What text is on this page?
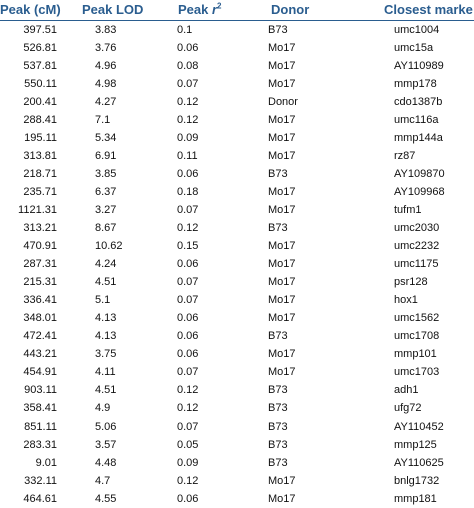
Peak (cM)	Peak LOD	Peak $r^2$	Donor	Closest marke
397.51	3.83	0.1	B73	umc1004
526.81	3.76	0.06	Mo17	umc15a
537.81	4.96	0.08	Mo17	AY110989
550.11	4.98	0.07	Mo17	mmp178
200.41	4.27	0.12	Donor	cdo1387b
288.41	7.1	0.12	Mo17	umc116a
195.11	5.34	0.09	Mo17	mmp144a
313.81	6.91	0.11	Mo17	rz87
218.71	3.85	0.06	B73	AY109870
235.71	6.37	0.18	Mo17	AY109968
1121.31	3.27	0.07	Mo17	tufm1
313.21	8.67	0.12	B73	umc2030
470.91	10.62	0.15	Mo17	umc2232
287.31	4.24	0.06	Mo17	umc1175
215.31	4.51	0.07	Mo17	psr128
336.41	5.1	0.07	Mo17	hox1
348.01	4.13	0.06	Mo17	umc1562
472.41	4.13	0.06	B73	umc1708
443.21	3.75	0.06	Mo17	mmp101
454.91	4.11	0.07	Mo17	umc1703
903.11	4.51	0.12	B73	adh1
358.41	4.9	0.12	B73	ufg72
851.11	5.06	0.07	B73	AY110452
283.31	3.57	0.05	B73	mmp125
9.01	4.48	0.09	B73	AY110625
332.11	4.7	0.12	Mo17	bnlg1732
464.61	4.55	0.06	Mo17	mmp181
